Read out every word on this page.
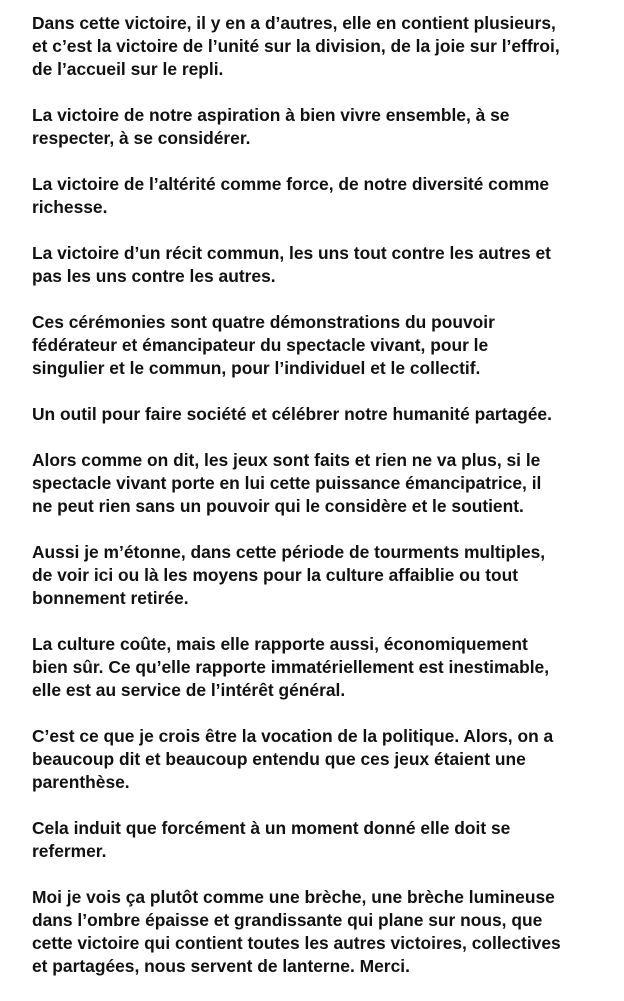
Dans cette victoire, il y en a d’autres, elle en contient plusieurs,
et c’est la victoire de l’unité sur la division, de la joie sur l’effroi,
de l’accueil sur le repli.

La victoire de notre aspiration à bien vivre ensemble, à se
respecter, à se considérer.

La victoire de l’altérité comme force, de notre diversité comme
richesse.

La victoire d’un récit commun, les uns tout contre les autres et
pas les uns contre les autres.

Ces cérémonies sont quatre démonstrations du pouvoir
fédérateur et émancipateur du spectacle vivant, pour le
singulier et le commun, pour l’individuel et le collectif.

Un outil pour faire société et célébrer notre humanité partagée.

Alors comme on dit, les jeux sont faits et rien ne va plus, si le
spectacle vivant porte en lui cette puissance émancipatrice, il
ne peut rien sans un pouvoir qui le considère et le soutient.

Aussi je m’étonne, dans cette période de tourments multiples,
de voir ici ou là les moyens pour la culture affaiblie ou tout
bonnement retirée.

La culture coûte, mais elle rapporte aussi, économiquement
bien sûr. Ce qu’elle rapporte immatériellement est inestimable,
elle est au service de l’intérêt général.

C’est ce que je crois être la vocation de la politique. Alors, on a
beaucoup dit et beaucoup entendu que ces jeux étaient une
parenthèse.

Cela induit que forcément à un moment donné elle doit se
refermer.

Moi je vois ça plutôt comme une brèche, une brèche lumineuse
dans l’ombre épaisse et grandissante qui plane sur nous, que
cette victoire qui contient toutes les autres victoires, collectives
et partagées, nous servent de lanterne. Merci.
